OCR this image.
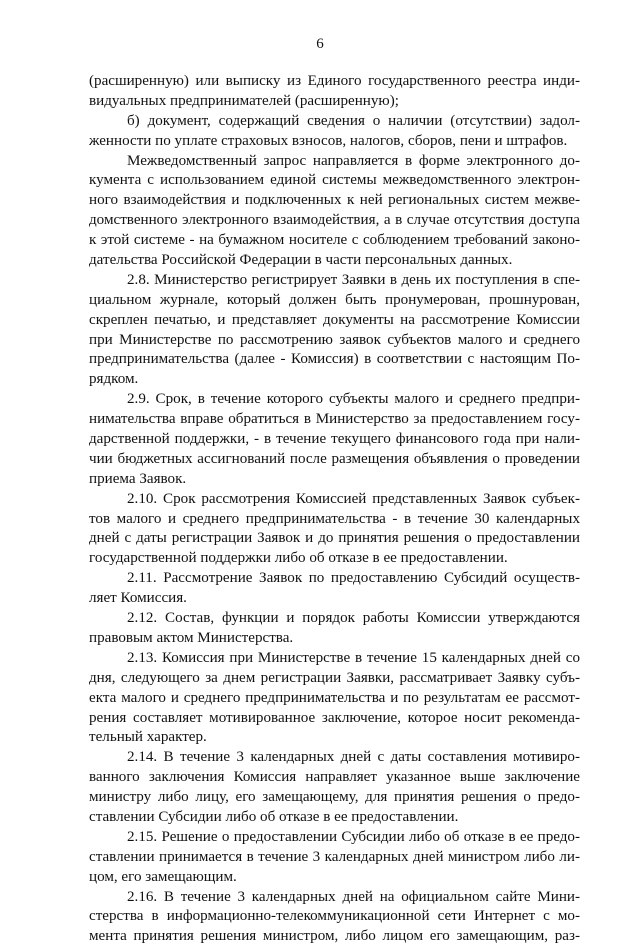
6
(расширенную) или выписку из Единого государственного реестра инди-
видуальных предпринимателей (расширенную);
б) документ, содержащий сведения о наличии (отсутствии) задол-
женности по уплате страховых взносов, налогов, сборов, пени и штрафов.
Межведомственный запрос направляется в форме электронного до-
кумента с использованием единой системы межведомственного электрон-
ного взаимодействия и подключенных к ней региональных систем межве-
домственного электронного взаимодействия, а в случае отсутствия доступа
к этой системе - на бумажном носителе с соблюдением требований законо-
дательства Российской Федерации в части персональных данных.
2.8. Министерство регистрирует Заявки в день их поступления в спе-
циальном журнале, который должен быть пронумерован, прошнурован,
скреплен печатью, и представляет документы на рассмотрение Комиссии
при Министерстве по рассмотрению заявок субъектов малого и среднего
предпринимательства (далее - Комиссия) в соответствии с настоящим По-
рядком.
2.9. Срок, в течение которого субъекты малого и среднего предпри-
нимательства вправе обратиться в Министерство за предоставлением госу-
дарственной поддержки, - в течение текущего финансового года при нали-
чии бюджетных ассигнований после размещения объявления о проведении
приема Заявок.
2.10. Срок рассмотрения Комиссией представленных Заявок субъек-
тов малого и среднего предпринимательства - в течение 30 календарных
дней с даты регистрации Заявок и до принятия решения о предоставлении
государственной поддержки либо об отказе в ее предоставлении.
2.11. Рассмотрение Заявок по предоставлению Субсидий осуществ-
ляет Комиссия.
2.12. Состав, функции и порядок работы Комиссии утверждаются
правовым актом Министерства.
2.13. Комиссия при Министерстве в течение 15 календарных дней со
дня, следующего за днем регистрации Заявки, рассматривает Заявку субъ-
екта малого и среднего предпринимательства и по результатам ее рассмот-
рения составляет мотивированное заключение, которое носит рекоменда-
тельный характер.
2.14. В течение 3 календарных дней с даты составления мотивиро-
ванного заключения Комиссия направляет указанное выше заключение
министру либо лицу, его замещающему, для принятия решения о предо-
ставлении Субсидии либо об отказе в ее предоставлении.
2.15. Решение о предоставлении Субсидии либо об отказе в ее предо-
ставлении принимается в течение 3 календарных дней министром либо ли-
цом, его замещающим.
2.16. В течение 3 календарных дней на официальном сайте Мини-
стерства в информационно-телекоммуникационной сети Интернет с мо-
мента принятия решения министром, либо лицом его замещающим, раз-
